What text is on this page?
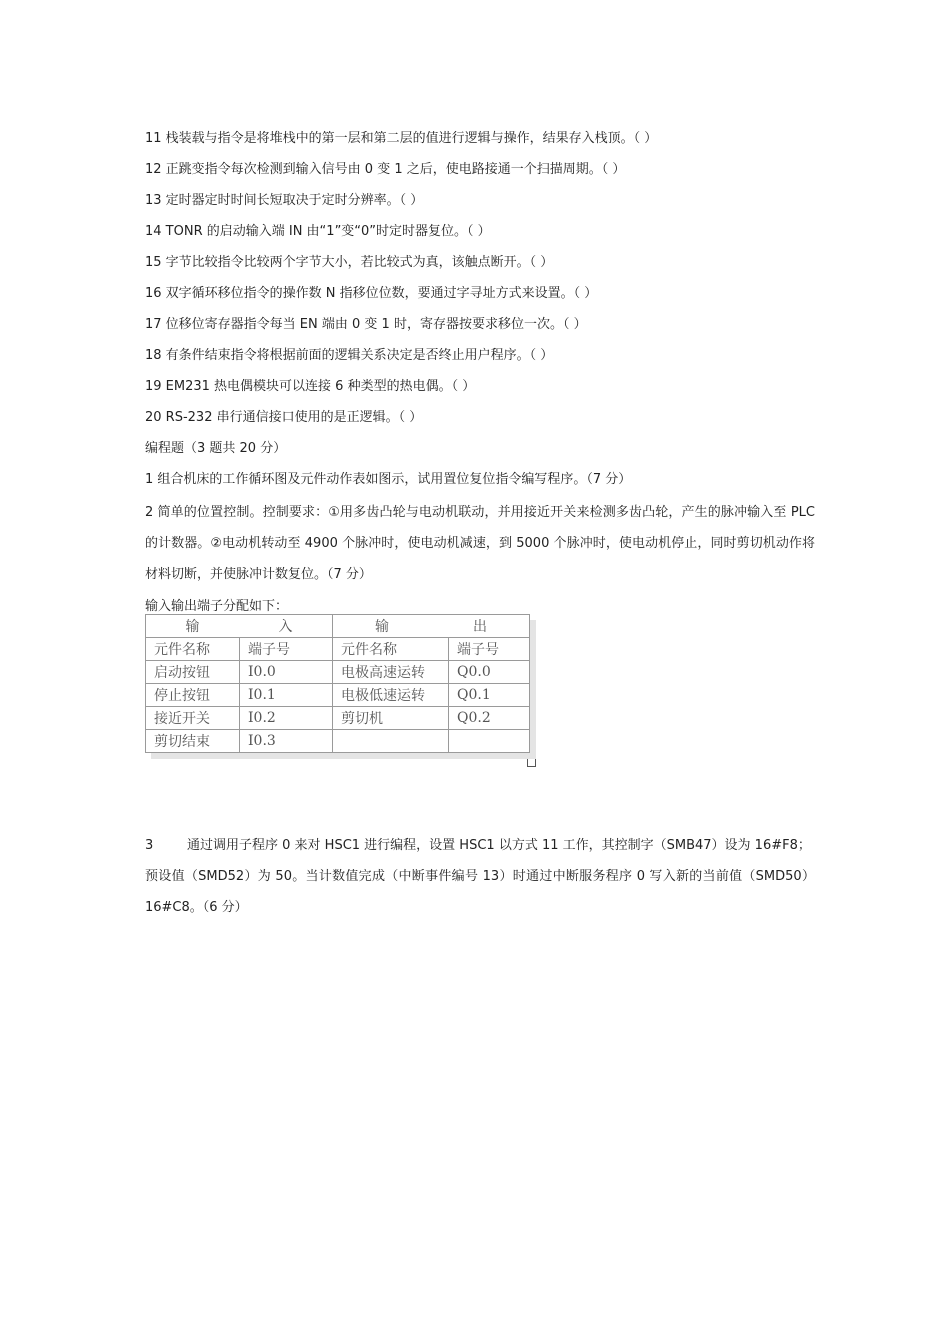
11 栈装载与指令是将堆栈中的第一层和第二层的值进行逻辑与操作，结果存入栈顶。（ ）
12 正跳变指令每次检测到输入信号由 0 变 1 之后，使电路接通一个扫描周期。（ ）
13 定时器定时时间长短取决于定时分辨率。（ ）
14 TONR 的启动输入端 IN 由“1”变“0”时定时器复位。（ ）
15 字节比较指令比较两个字节大小，若比较式为真，该触点断开。（ ）
16 双字循环移位指令的操作数 N 指移位位数，要通过字寻址方式来设置。（ ）
17 位移位寄存器指令每当 EN 端由 0 变 1 时，寄存器按要求移位一次。（ ）
18 有条件结束指令将根据前面的逻辑关系决定是否终止用户程序。（ ）
19 EM231 热电偶模块可以连接 6 种类型的热电偶。（ ）
20 RS-232 串行通信接口使用的是正逻辑。（ ）
编程题（3 题共 20 分）
1 组合机床的工作循环图及元件动作表如图示，试用置位复位指令编写程序。（7 分）
2 简单的位置控制。控制要求：①用多齿凸轮与电动机联动，并用接近开关来检测多齿凸轮，产生的脉冲输入至 PLC 的计数器。②电动机转动至 4900 个脉冲时，使电动机减速，到 5000 个脉冲时，使电动机停止，同时剪切机动作将材料切断，并使脉冲计数复位。（7 分）
输入输出端子分配如下：
输 入		输 出	

元件名称	端子号	元件名称	端子号
启动按钮	I0.0	电极高速运转	Q0.0
停止按钮	I0.1	电极低速运转	Q0.1
接近开关	I0.2	剪切机	Q0.2
剪切结束	I0.3		
3	通过调用子程序 0 来对 HSC1 进行编程，设置 HSC1 以方式 11 工作，其控制字（SMB47）设为 16#F8；
预设值（SMD52）为 50。当计数值完成（中断事件编号 13）时通过中断服务程序 0 写入新的当前值（SMD50）16#C8。（6 分）
